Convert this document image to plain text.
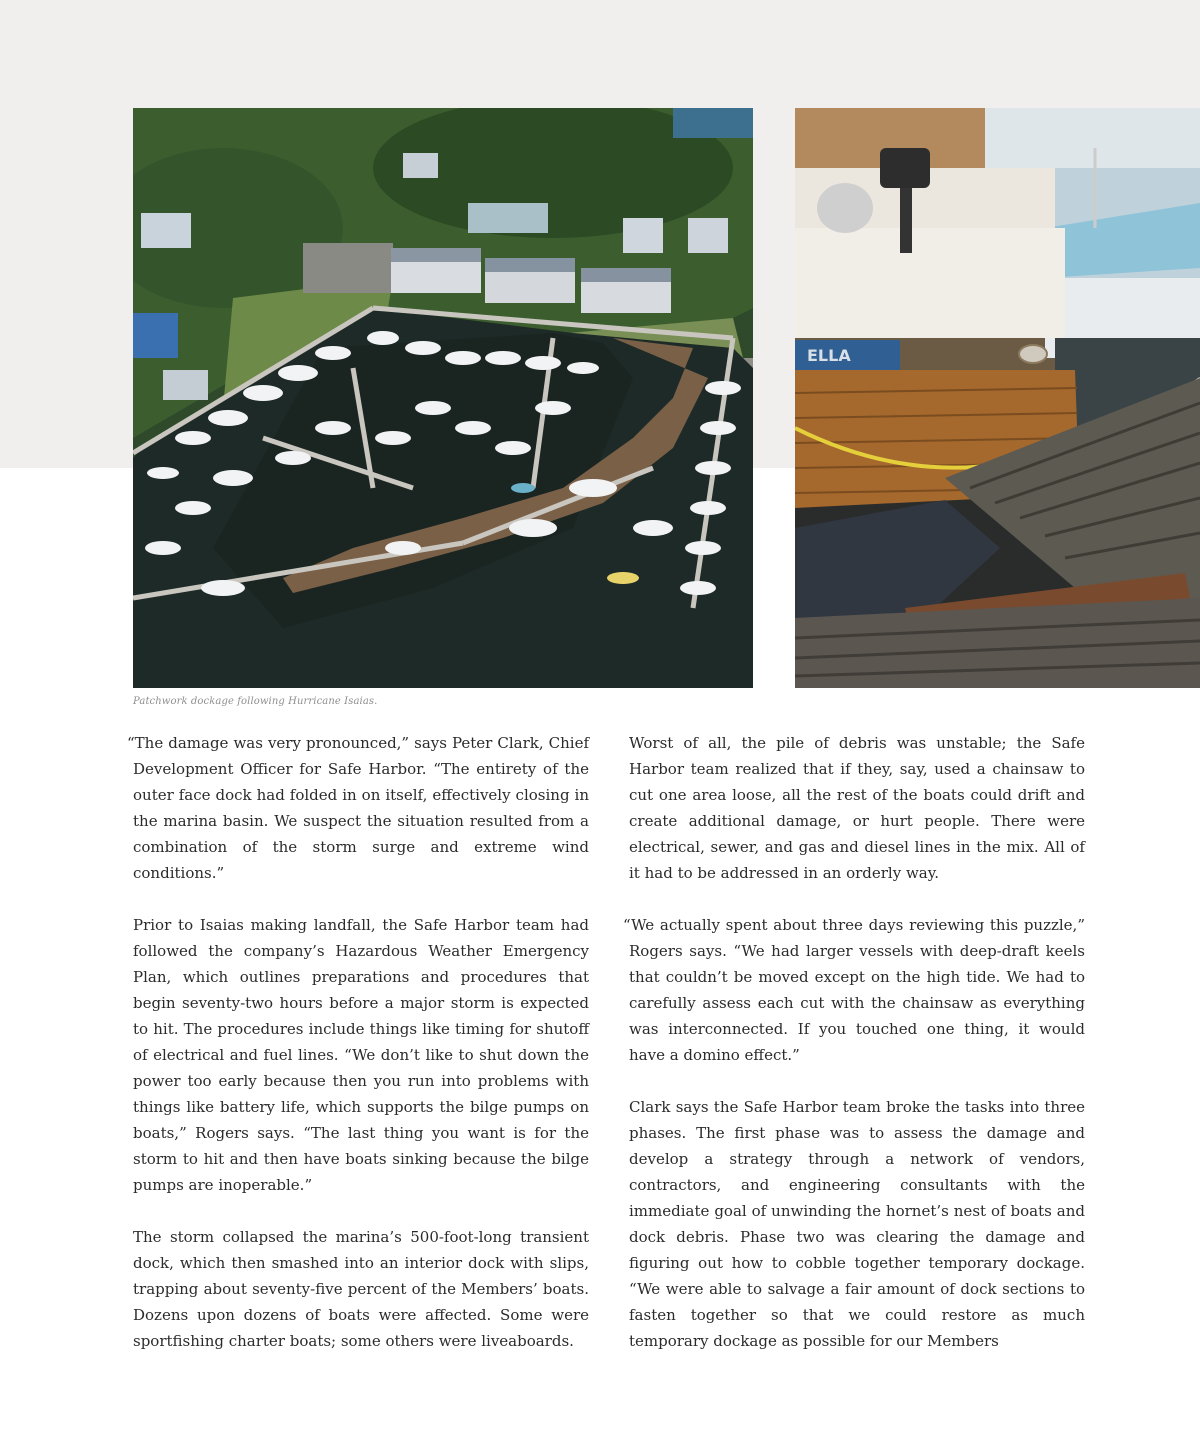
ELLA
Patchwork dockage following Hurricane Isaias.

“The damage was very pronounced,” says Peter Clark, Chief Development Officer for Safe Harbor. “The entirety of the outer face dock had folded in on itself, effectively closing in the marina basin. We suspect the situation resulted from a combination of the storm surge and extreme wind conditions.”

Prior to Isaias making landfall, the Safe Harbor team had followed the company’s Hazardous Weather Emergency Plan, which outlines preparations and procedures that begin seventy-two hours before a major storm is expected to hit. The procedures include things like timing for shutoff of electrical and fuel lines. “We don’t like to shut down the power too early because then you run into problems with things like battery life, which supports the bilge pumps on boats,” Rogers says. “The last thing you want is for the storm to hit and then have boats sinking because the bilge pumps are inoperable.”

The storm collapsed the marina’s 500-foot-long transient dock, which then smashed into an interior dock with slips, trapping about seventy-five percent of the Members’ boats. Dozens upon dozens of boats were affected. Some were sportfishing charter boats; some others were liveaboards.

Worst of all, the pile of debris was unstable; the Safe Harbor team realized that if they, say, used a chainsaw to cut one area loose, all the rest of the boats could drift and create additional damage, or hurt people. There were electrical, sewer, and gas and diesel lines in the mix. All of it had to be addressed in an orderly way.

“We actually spent about three days reviewing this puzzle,” Rogers says. “We had larger vessels with deep-draft keels that couldn’t be moved except on the high tide. We had to carefully assess each cut with the chainsaw as everything was interconnected. If you touched one thing, it would have a domino effect.”

Clark says the Safe Harbor team broke the tasks into three phases. The first phase was to assess the damage and develop a strategy through a network of vendors, contractors, and engineering consultants with the immediate goal of unwinding the hornet’s nest of boats and dock debris. Phase two was clearing the damage and figuring out how to cobble together temporary dockage. “We were able to salvage a fair amount of dock sections to fasten together so that we could restore as much temporary dockage as possible for our Members
